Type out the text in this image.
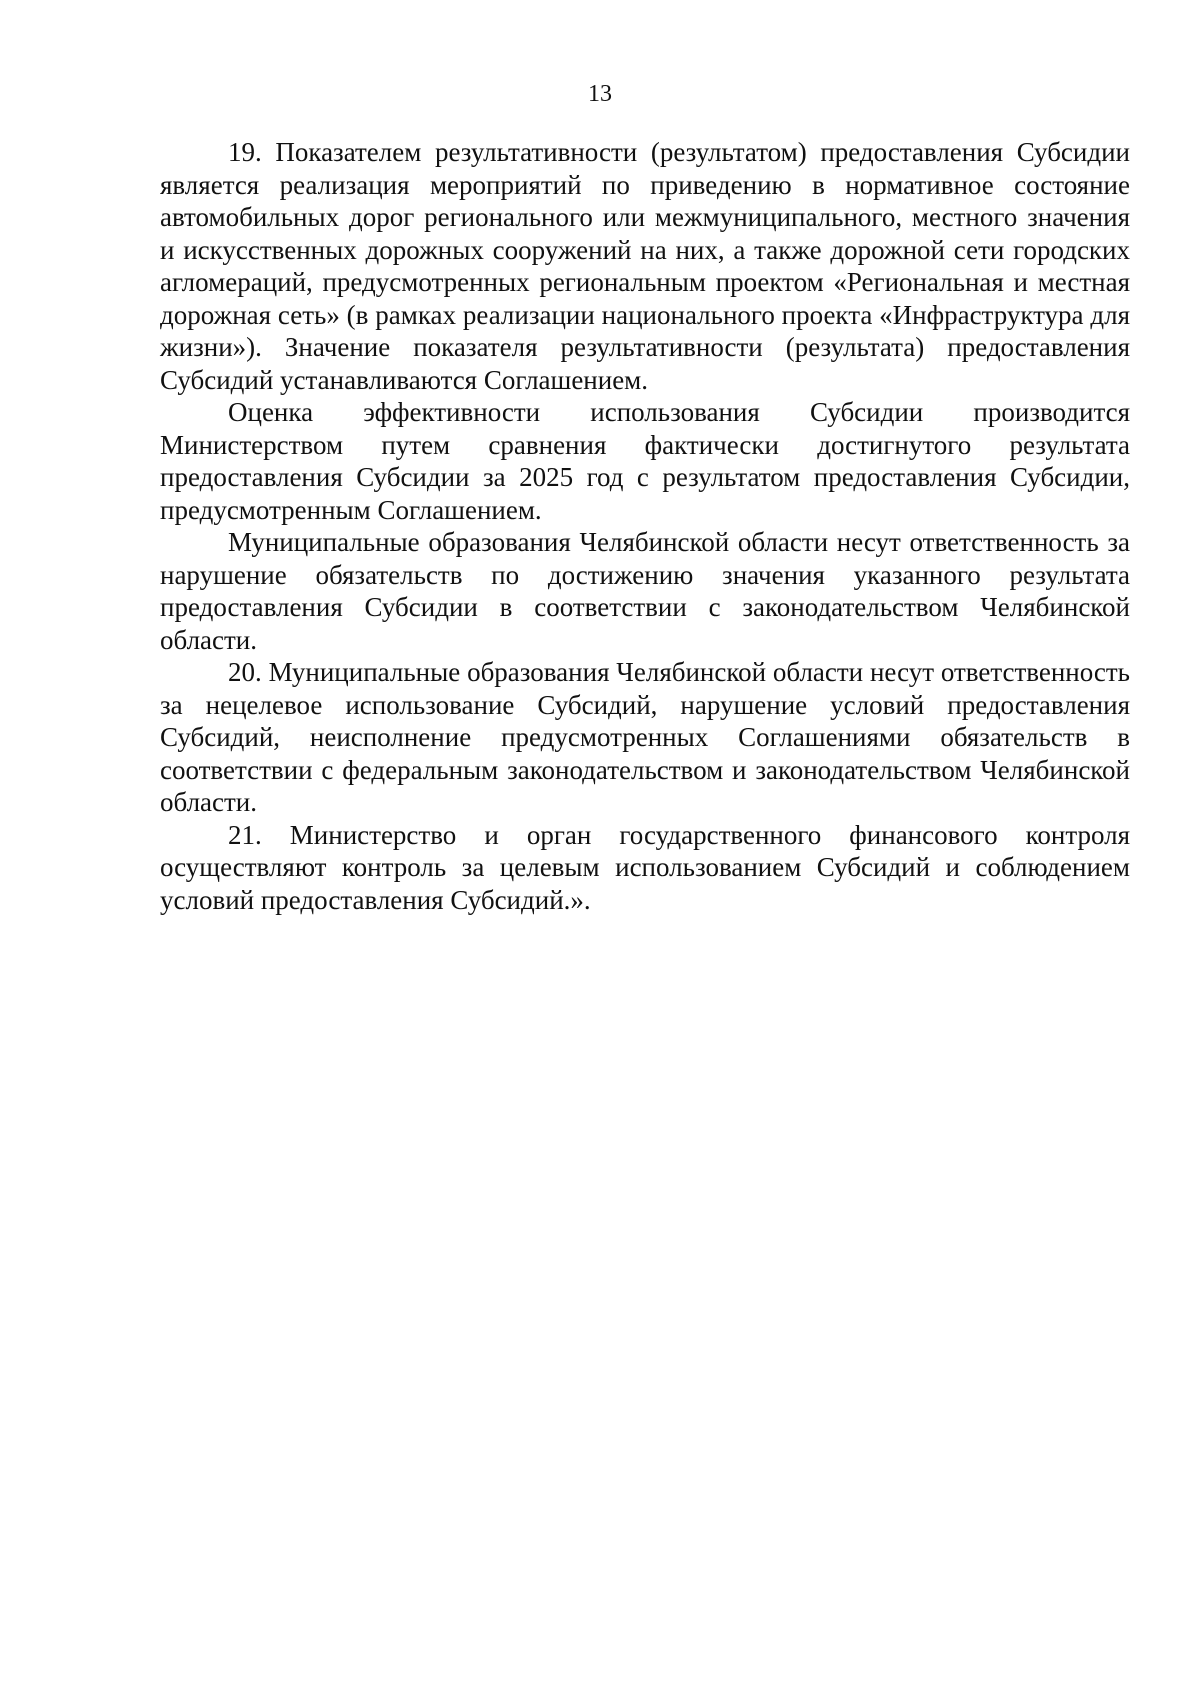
13

19. Показателем результативности (результатом) предоставления Субсидии является реализация мероприятий по приведению в нормативное состояние автомобильных дорог регионального или межмуниципального, местного значения и искусственных дорожных сооружений на них, а также дорожной сети городских агломераций, предусмотренных региональным проектом «Региональная и местная дорожная сеть» (в рамках реализации национального проекта «Инфраструктура для жизни»). Значение показателя результативности (результата) предоставления Субсидий устанавливаются Соглашением.

Оценка эффективности использования Субсидии производится Министерством путем сравнения фактически достигнутого результата предоставления Субсидии за 2025 год с результатом предоставления Субсидии, предусмотренным Соглашением.

Муниципальные образования Челябинской области несут ответственность за нарушение обязательств по достижению значения указанного результата предоставления Субсидии в соответствии с законодательством Челябинской области.

20. Муниципальные образования Челябинской области несут ответственность за нецелевое использование Субсидий, нарушение условий предоставления Субсидий, неисполнение предусмотренных Соглашениями обязательств в соответствии с федеральным законодательством и законодательством Челябинской области.

21. Министерство и орган государственного финансового контроля осуществляют контроль за целевым использованием Субсидий и соблюдением условий предоставления Субсидий.».
